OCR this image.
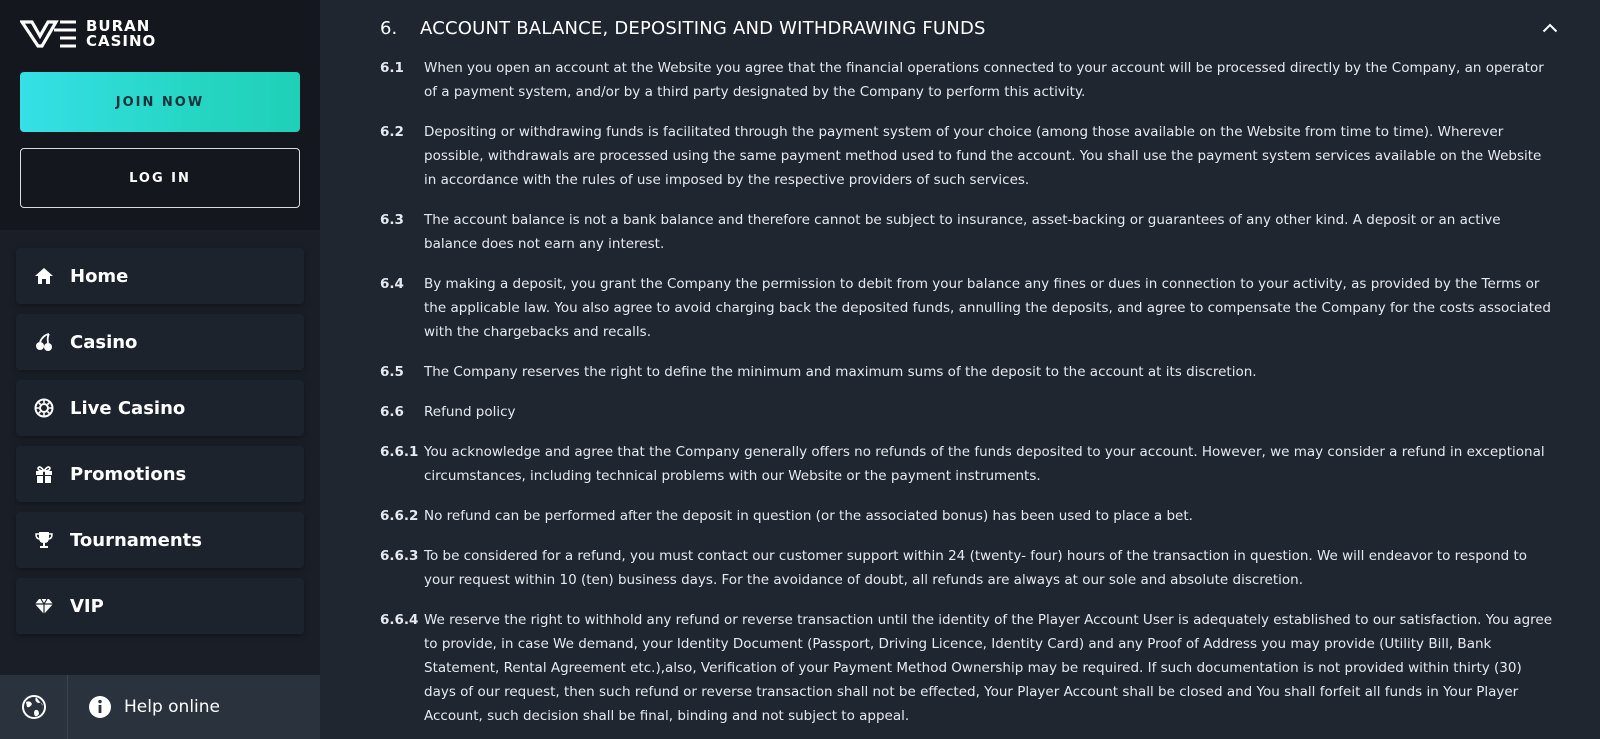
BURAN
CASINO
JOIN NOW
LOG IN
Home
Casino
Live Casino
Promotions
Tournaments
VIP
Help online
6.	ACCOUNT BALANCE, DEPOSITING AND WITHDRAWING FUNDS
6.1	When you open an account at the Website you agree that the financial operations connected to your account will be processed directly by the Company, an operator of a payment system, and/or by a third party designated by the Company to perform this activity.
6.2	Depositing or withdrawing funds is facilitated through the payment system of your choice (among those available on the Website from time to time). Wherever possible, withdrawals are processed using the same payment method used to fund the account. You shall use the payment system services available on the Website in accordance with the rules of use imposed by the respective providers of such services.
6.3	The account balance is not a bank balance and therefore cannot be subject to insurance, asset-backing or guarantees of any other kind. A deposit or an active balance does not earn any interest.
6.4	By making a deposit, you grant the Company the permission to debit from your balance any fines or dues in connection to your activity, as provided by the Terms or the applicable law. You also agree to avoid charging back the deposited funds, annulling the deposits, and agree to compensate the Company for the costs associated with the chargebacks and recalls.
6.5	The Company reserves the right to define the minimum and maximum sums of the deposit to the account at its discretion.
6.6	Refund policy
6.6.1 You acknowledge and agree that the Company generally offers no refunds of the funds deposited to your account. However, we may consider a refund in exceptional circumstances, including technical problems with our Website or the payment instruments.
6.6.2 No refund can be performed after the deposit in question (or the associated bonus) has been used to place a bet.
6.6.3 To be considered for a refund, you must contact our customer support within 24 (twenty- four) hours of the transaction in question. We will endeavor to respond to your request within 10 (ten) business days. For the avoidance of doubt, all refunds are always at our sole and absolute discretion.
6.6.4 We reserve the right to withhold any refund or reverse transaction until the identity of the Player Account User is adequately established to our satisfaction. You agree to provide, in case We demand, your Identity Document (Passport, Driving Licence, Identity Card) and any Proof of Address you may provide (Utility Bill, Bank Statement, Rental Agreement etc.),also, Verification of your Payment Method Ownership may be required. If such documentation is not provided within thirty (30) days of our request, then such refund or reverse transaction shall not be effected, Your Player Account shall be closed and You shall forfeit all funds in Your Player Account, such decision shall be final, binding and not subject to appeal.
